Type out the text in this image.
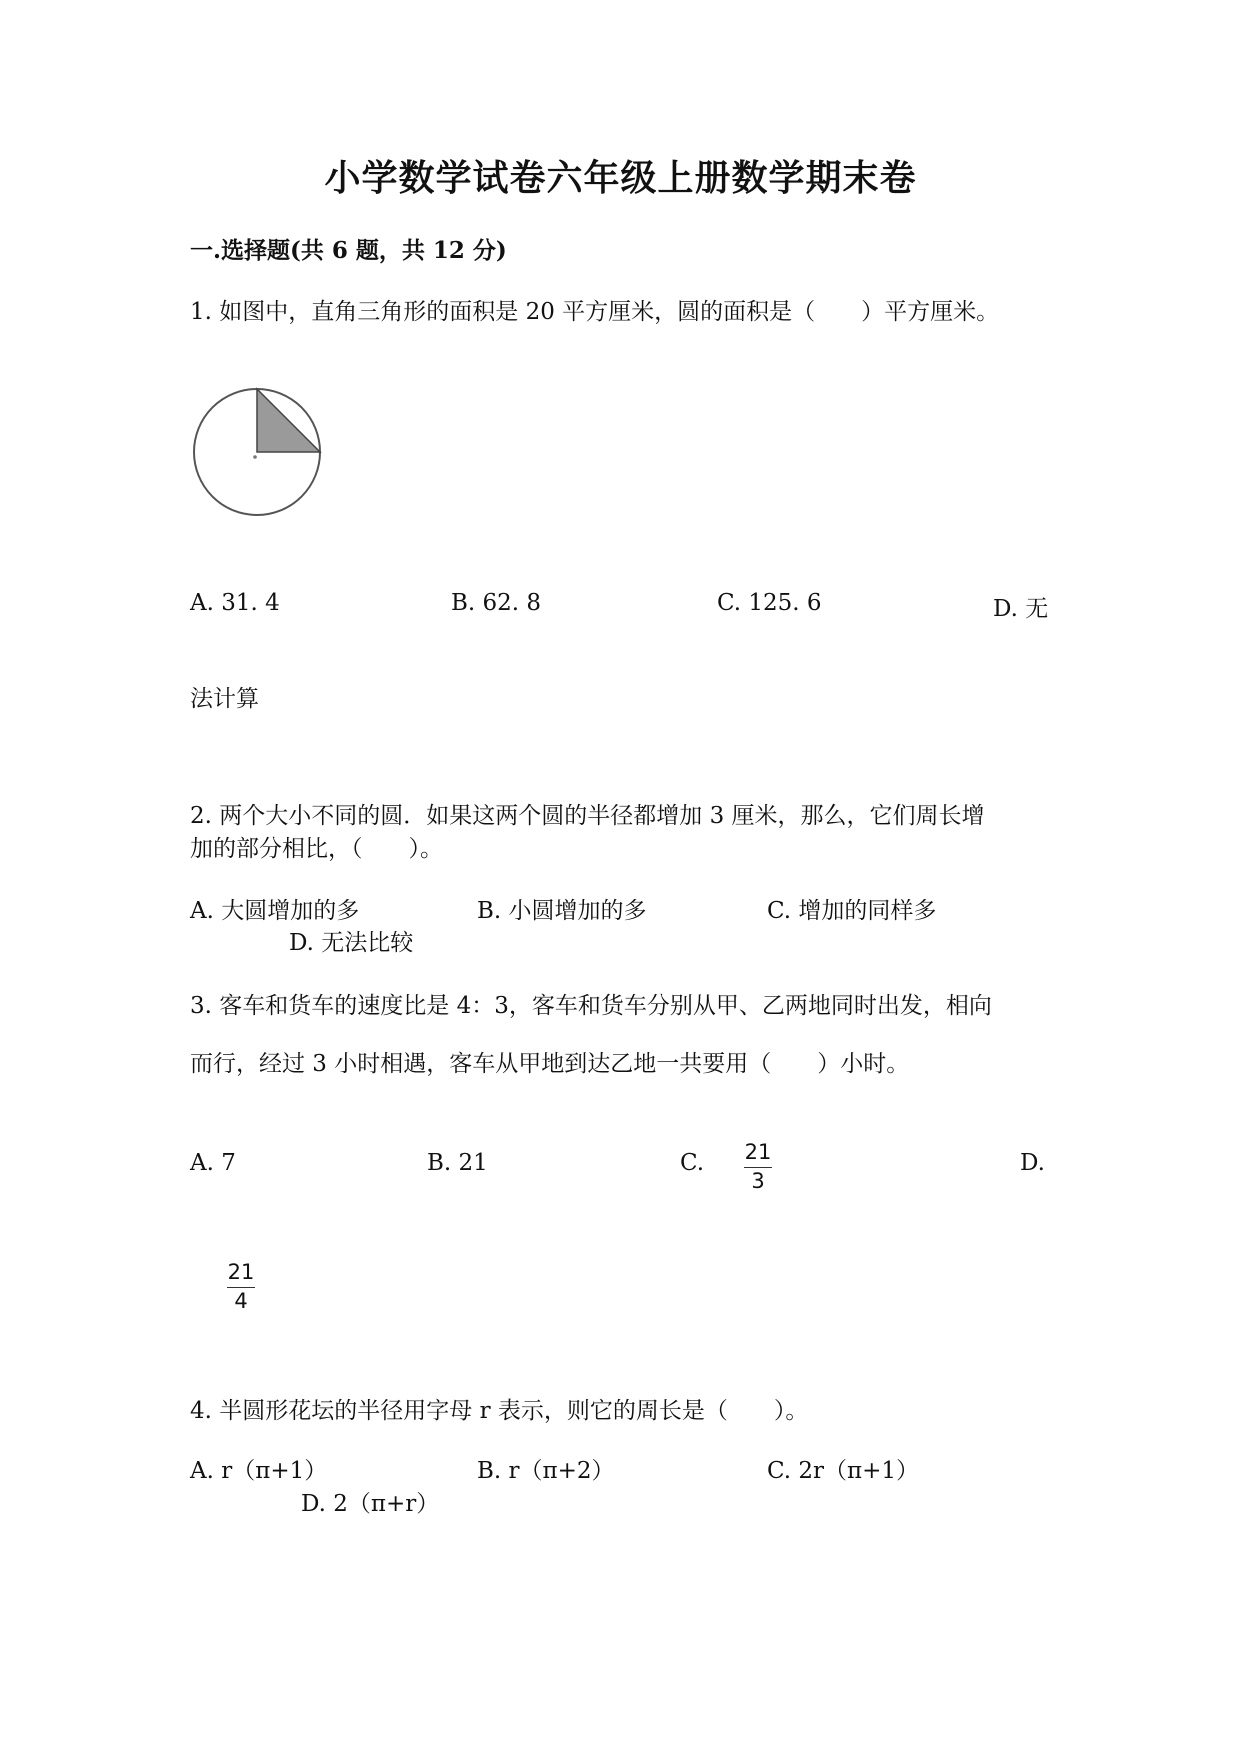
小学数学试卷六年级上册数学期末卷
一.选择题(共 6 题，共 12 分)
1. 如图中，直角三角形的面积是 20 平方厘米，圆的面积是（　　）平方厘米。
A. 31. 4	B. 62. 8	C. 125. 6	D. 无
法计算
2. 两个大小不同的圆．如果这两个圆的半径都增加 3 厘米，那么，它们周长增
加的部分相比，（　　）。
A. 大圆增加的多	B. 小圆增加的多	C. 增加的同样多
D. 无法比较
3. 客车和货车的速度比是 4：3，客车和货车分别从甲、乙两地同时出发，相向
而行，经过 3 小时相遇，客车从甲地到达乙地一共要用（　　）小时。
A. 7	B. 21	C. 21
3
D.
21
4
4. 半圆形花坛的半径用字母 r 表示，则它的周长是（　　）。
A. r（π+1）	B. r（π+2）	C. 2r（π+1）
D. 2（π+r）
